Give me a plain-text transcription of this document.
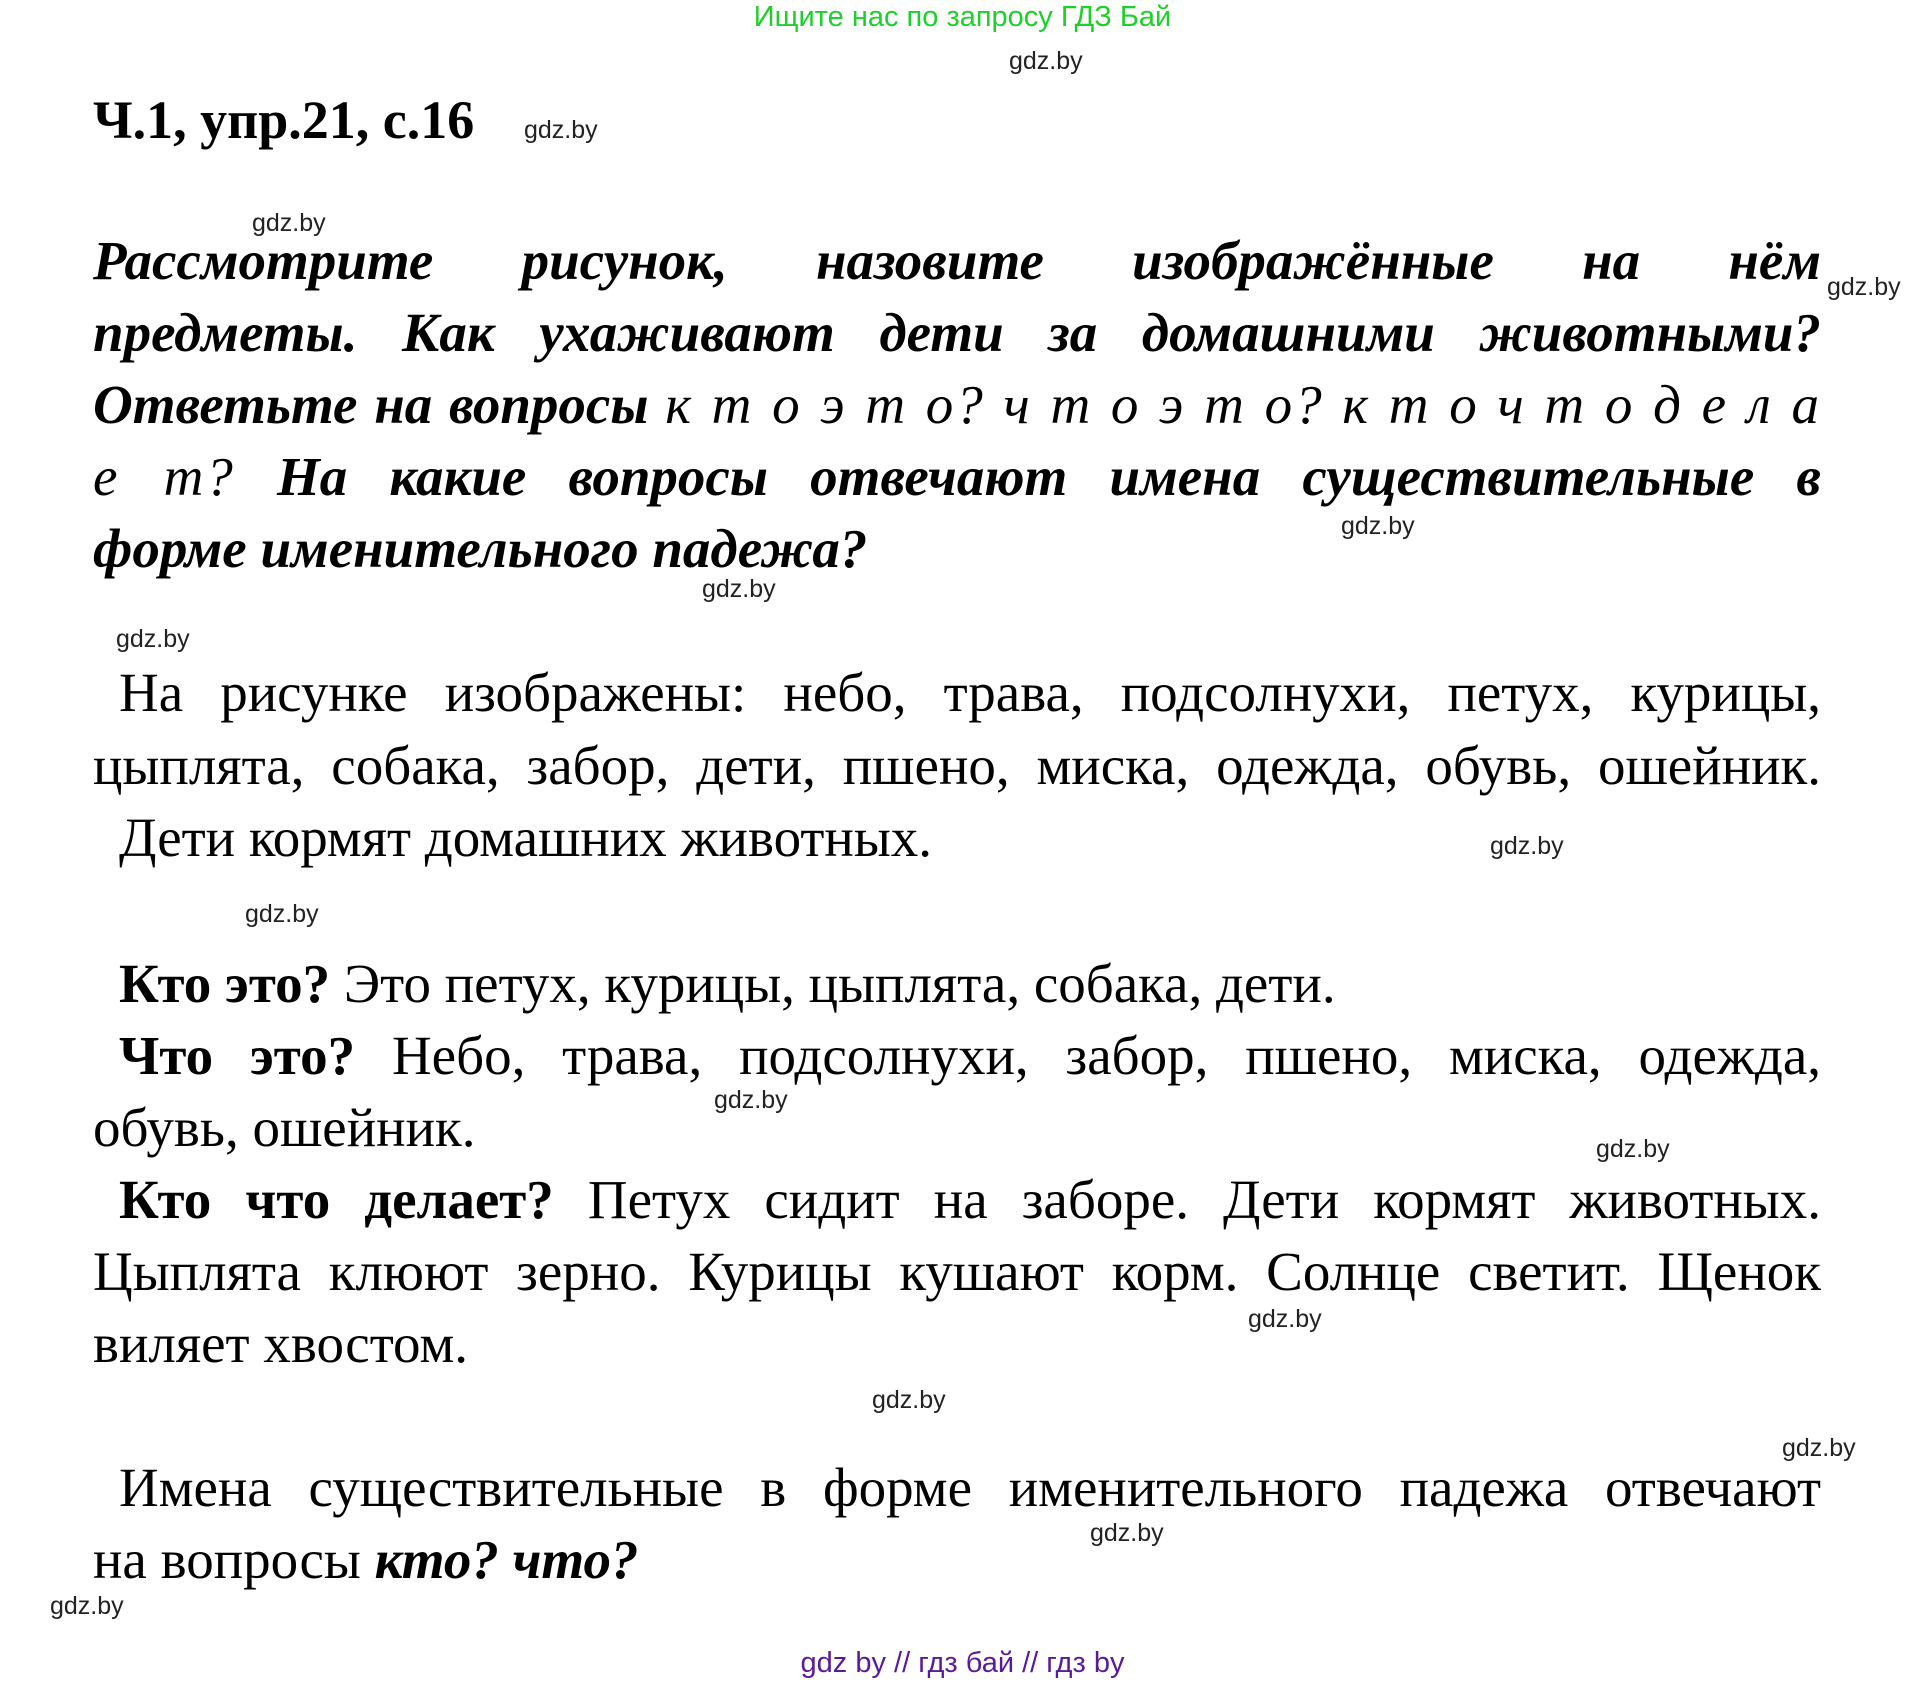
Ищите нас по запросу ГДЗ Бай
Ч.1, упр.21, с.16
Рассмотрите рисунок, назовите изображённые на нём
предметы. Как ухаживают дети за домашними животными?
Ответьте на вопросы к т о э т о? ч т о э т о? к т о ч т о д е л а
е т? На какие вопросы отвечают имена существительные в
форме именительного падежа?
На рисунке изображены: небо, трава, подсолнухи, петух, курицы,
цыплята, собака, забор, дети, пшено, миска, одежда, обувь, ошейник.
Дети кормят домашних животных.
Кто это? Это петух, курицы, цыплята, собака, дети.
Что это? Небо, трава, подсолнухи, забор, пшено, миска, одежда,
обувь, ошейник.
Кто что делает? Петух сидит на заборе. Дети кормят животных.
Цыплята клюют зерно. Курицы кушают корм. Солнце светит. Щенок
виляет хвостом.
Имена существительные в форме именительного падежа отвечают
на вопросы кто? что?
gdz.by
gdz.by
gdz.by
gdz.by
gdz.by
gdz.by
gdz.by
gdz.by
gdz.by
gdz.by
gdz.by
gdz.by
gdz.by
gdz.by
gdz.by
gdz.by
gdz by // гдз бай // гдз by
